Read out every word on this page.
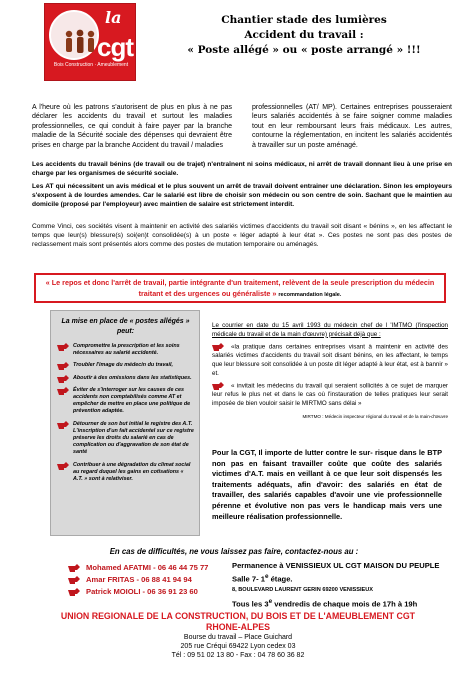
la
cgt
Bois Construction · Ameublement
Chantier stade des lumières
Accident du travail :
« Poste allégé » ou « poste arrangé » !!!
A l'heure où les patrons s'autorisent de plus en plus à ne pas déclarer les accidents du travail et surtout les maladies professionnelles, ce qui conduit à faire payer par la branche maladie de la Sécurité sociale des dépenses qui devraient être prises en charge par la branche Accident du travail / maladies
professionnelles (AT/ MP). Certaines entreprises pousseraient leurs salariés accidentés à se faire soigner comme maladies tout en leur remboursant leurs frais médicaux. Les autres, contourne la réglementation, en incitent les salariés accidentés à travailler sur un poste aménagé.
Les accidents du travail bénins (de travail ou de trajet) n'entraînent ni soins médicaux, ni arrêt de travail donnant lieu à une prise en charge par les organismes de sécurité sociale.
Les AT qui nécessitent un avis médical et le plus souvent un arrêt de travail doivent entrainer une déclaration. Sinon les employeurs s'exposent à de lourdes amendes. Car le salarié est libre de choisir son médecin ou son centre de soin. Sachant que le maintien au domicile (proposé par l'employeur) avec maintien de salaire est strictement interdit.
Comme Vinci, ces sociétés visent à maintenir en activité des salariés victimes d'accidents du travail soit disant « bénins », en les affectant le temps que leur(s) blessure(s) soi(en)t consolidée(s) à un poste « léger adapté à leur état ». Ces postes ne sont pas des postes de reclassement mais sont présentés alors comme des postes de mutation temporaire ou aménagés.
« Le repos et donc l'arrêt de travail, partie intégrante d'un traitement, relèvent de la seule prescription du médecin traitant et des urgences ou généraliste » recommandation légale.
La mise en place de « postes allégés » peut:
Compromettre la prescription et les soins nécessaires au salarié accidenté.
Troubler l'image du médecin du travail,
Aboutir à des omissions dans les statistiques.
Éviter de s'interroger sur les causes de ces accidents non comptabilisés comme AT et empêcher de mettre en place une politique de prévention adaptée.
Détourner de son but initial le registre des A.T. L'inscription d'un fait accidentel sur ce registre préserve les droits du salarié en cas de complication ou d'aggravation de son état de santé
Contribuer à une dégradation du climat social au regard duquel les gains en cotisations « A.T. » sont à relativiser.

Le courrier en date du 15 avril 1993 du médecin chef de l 'IMTMO (l'inspection médicale du travail et de la main d'œuvre) précisait déjà que :

«la pratique dans certaines entreprises visant à maintenir en activité des salariés victimes d'accidents du travail soit disant bénins, en les affectant, le temps que leur blessure soit consolidée à un poste dit léger adapté à leur état, est à bannir » et.

« invitait les médecins du travail qui seraient sollicités à ce sujet de marquer leur refus le plus net et dans le cas où l'instauration de telles pratiques leur serait imposée de bien vouloir saisir le MIRTMO sans délai »

MIRTMO : Médecin inspecteur régional du travail et de la main-d'œuvre
Pour la CGT, Il importe de lutter contre le sur- risque dans le BTP non pas en faisant travailler coûte que coûte des salariés victimes d'A.T. mais en veillant à ce que leur soit dispensés les traitements adéquats, afin d'avoir: des salariés en état de travailler, des salariés capables d'avoir une vie professionnelle pérenne et évolutive non pas vers le handicap mais vers une meilleure réalisation professionnelle.
En cas de difficultés, ne vous laissez pas faire, contactez-nous au :
Mohamed AFATMI - 06 46 44 75 77
Amar FRITAS - 06 88 41 94 94
Patrick MOIOLI - 06 36 91 23 60
Permanence à VENISSIEUX UL CGT MAISON DU PEUPLE Salle 7- 1e étage.
8, BOULEVARD LAURENT GERIN 69200 VENISSIEUX
Tous les 3e vendredis de chaque mois de 17h à 19h
UNION REGIONALE DE LA CONSTRUCTION, DU BOIS ET DE L'AMEUBLEMENT CGT
RHONE-ALPES
Bourse du travail – Place Guichard
205 rue Créqui 69422 Lyon cedex 03
Tél : 09 51 02 13 80 - Fax : 04 78 60 36 82
